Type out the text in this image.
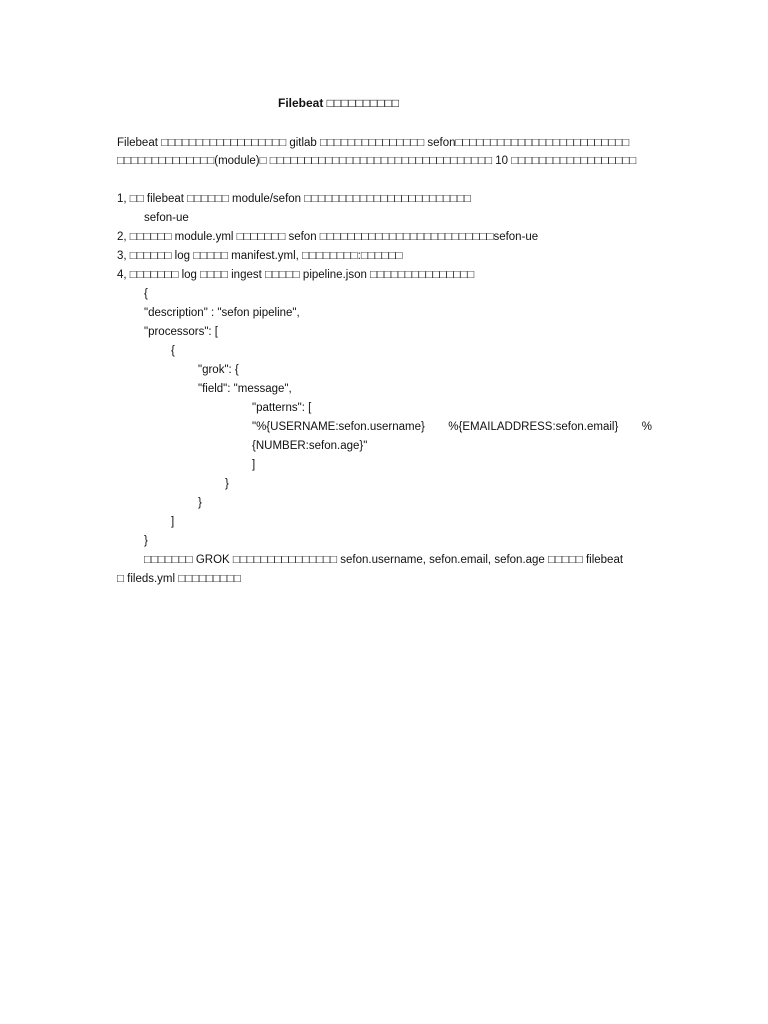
Filebeat □□□□□□□□□□
Filebeat □□□□□□□□□□□□□□□□□□ gitlab □□□□□□□□□□□□□□□ sefon□□□□□□□□□□□□□□□□□□□□□□□□□
□□□□□□□□□□□□□□(module)□ □□□□□□□□□□□□□□□□□□□□□□□□□□□□□□□□ 10 □□□□□□□□□□□□□□□□□□
1, □□ filebeat □□□□□□ module/sefon □□□□□□□□□□□□□□□□□□□□□□□□
sefon-ue
2, □□□□□□ module.yml □□□□□□□ sefon □□□□□□□□□□□□□□□□□□□□□□□□□sefon-ue
3, □□□□□□ log □□□□□ manifest.yml, □□□□□□□□:□□□□□□
4, □□□□□□□ log □□□□ ingest □□□□□ pipeline.json □□□□□□□□□□□□□□□
{
"description" : "sefon pipeline",
"processors": [
{
"grok": {
"field": "message",
"patterns": [
"%{USERNAME:sefon.username} %{EMAILADDRESS:sefon.email} %
{NUMBER:sefon.age}"
]
}
}
]
}
□□□□□□□ GROK □□□□□□□□□□□□□□□ sefon.username, sefon.email, sefon.age □□□□□ filebeat
□ fileds.yml □□□□□□□□□
